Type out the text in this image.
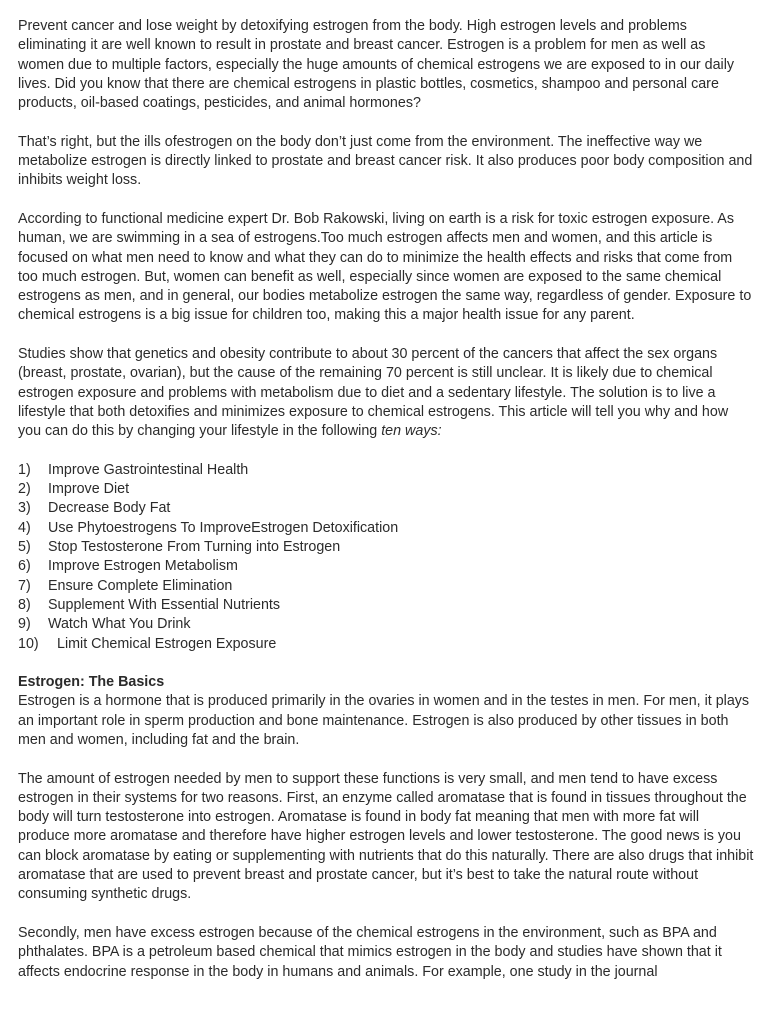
Prevent cancer and lose weight by detoxifying estrogen from the body. High estrogen levels and problems eliminating it are well known to result in prostate and breast cancer. Estrogen is a problem for men as well as women due to multiple factors, especially the huge amounts of chemical estrogens we are exposed to in our daily lives. Did you know that there are chemical estrogens in plastic bottles, cosmetics, shampoo and personal care products, oil-based coatings, pesticides, and animal hormones?

That’s right, but the ills ofestrogen on the body don’t just come from the environment. The ineffective way we metabolize estrogen is directly linked to prostate and breast cancer risk. It also produces poor body composition and inhibits weight loss.

According to functional medicine expert Dr. Bob Rakowski, living on earth is a risk for toxic estrogen exposure. As human, we are swimming in a sea of estrogens.Too much estrogen affects men and women, and this article is focused on what men need to know and what they can do to minimize the health effects and risks that come from too much estrogen. But, women can benefit as well, especially since women are exposed to the same chemical estrogens as men, and in general, our bodies metabolize estrogen the same way, regardless of gender. Exposure to chemical estrogens is a big issue for children too, making this a major health issue for any parent.

Studies show that genetics and obesity contribute to about 30 percent of the cancers that affect the sex organs (breast, prostate, ovarian), but the cause of the remaining 70 percent is still unclear. It is likely due to chemical estrogen exposure and problems with metabolism due to diet and a sedentary lifestyle. The solution is to live a lifestyle that both detoxifies and minimizes exposure to chemical estrogens. This article will tell you why and how you can do this by changing your lifestyle in the following ten ways:

1)	Improve Gastrointestinal Health
2)	Improve Diet
3)	Decrease Body Fat
4)	Use Phytoestrogens To ImproveEstrogen Detoxification
5)	Stop Testosterone From Turning into Estrogen
6)	Improve Estrogen Metabolism
7)	Ensure Complete Elimination
8)	Supplement With Essential Nutrients
9)	Watch What You Drink
10)	Limit Chemical Estrogen Exposure

Estrogen: The Basics

Estrogen is a hormone that is produced primarily in the ovaries in women and in the testes in men. For men, it plays an important role in sperm production and bone maintenance. Estrogen is also produced by other tissues in both men and women, including fat and the brain.

The amount of estrogen needed by men to support these functions is very small, and men tend to have excess estrogen in their systems for two reasons. First, an enzyme called aromatase that is found in tissues throughout the body will turn testosterone into estrogen. Aromatase is found in body fat meaning that men with more fat will produce more aromatase and therefore have higher estrogen levels and lower testosterone. The good news is you can block aromatase by eating or supplementing with nutrients that do this naturally. There are also drugs that inhibit aromatase that are used to prevent breast and prostate cancer, but it’s best to take the natural route without consuming synthetic drugs.

Secondly, men have excess estrogen because of the chemical estrogens in the environment, such as BPA and phthalates. BPA is a petroleum based chemical that mimics estrogen in the body and studies have shown that it affects endocrine response in the body in humans and animals. For example, one study in the journal
